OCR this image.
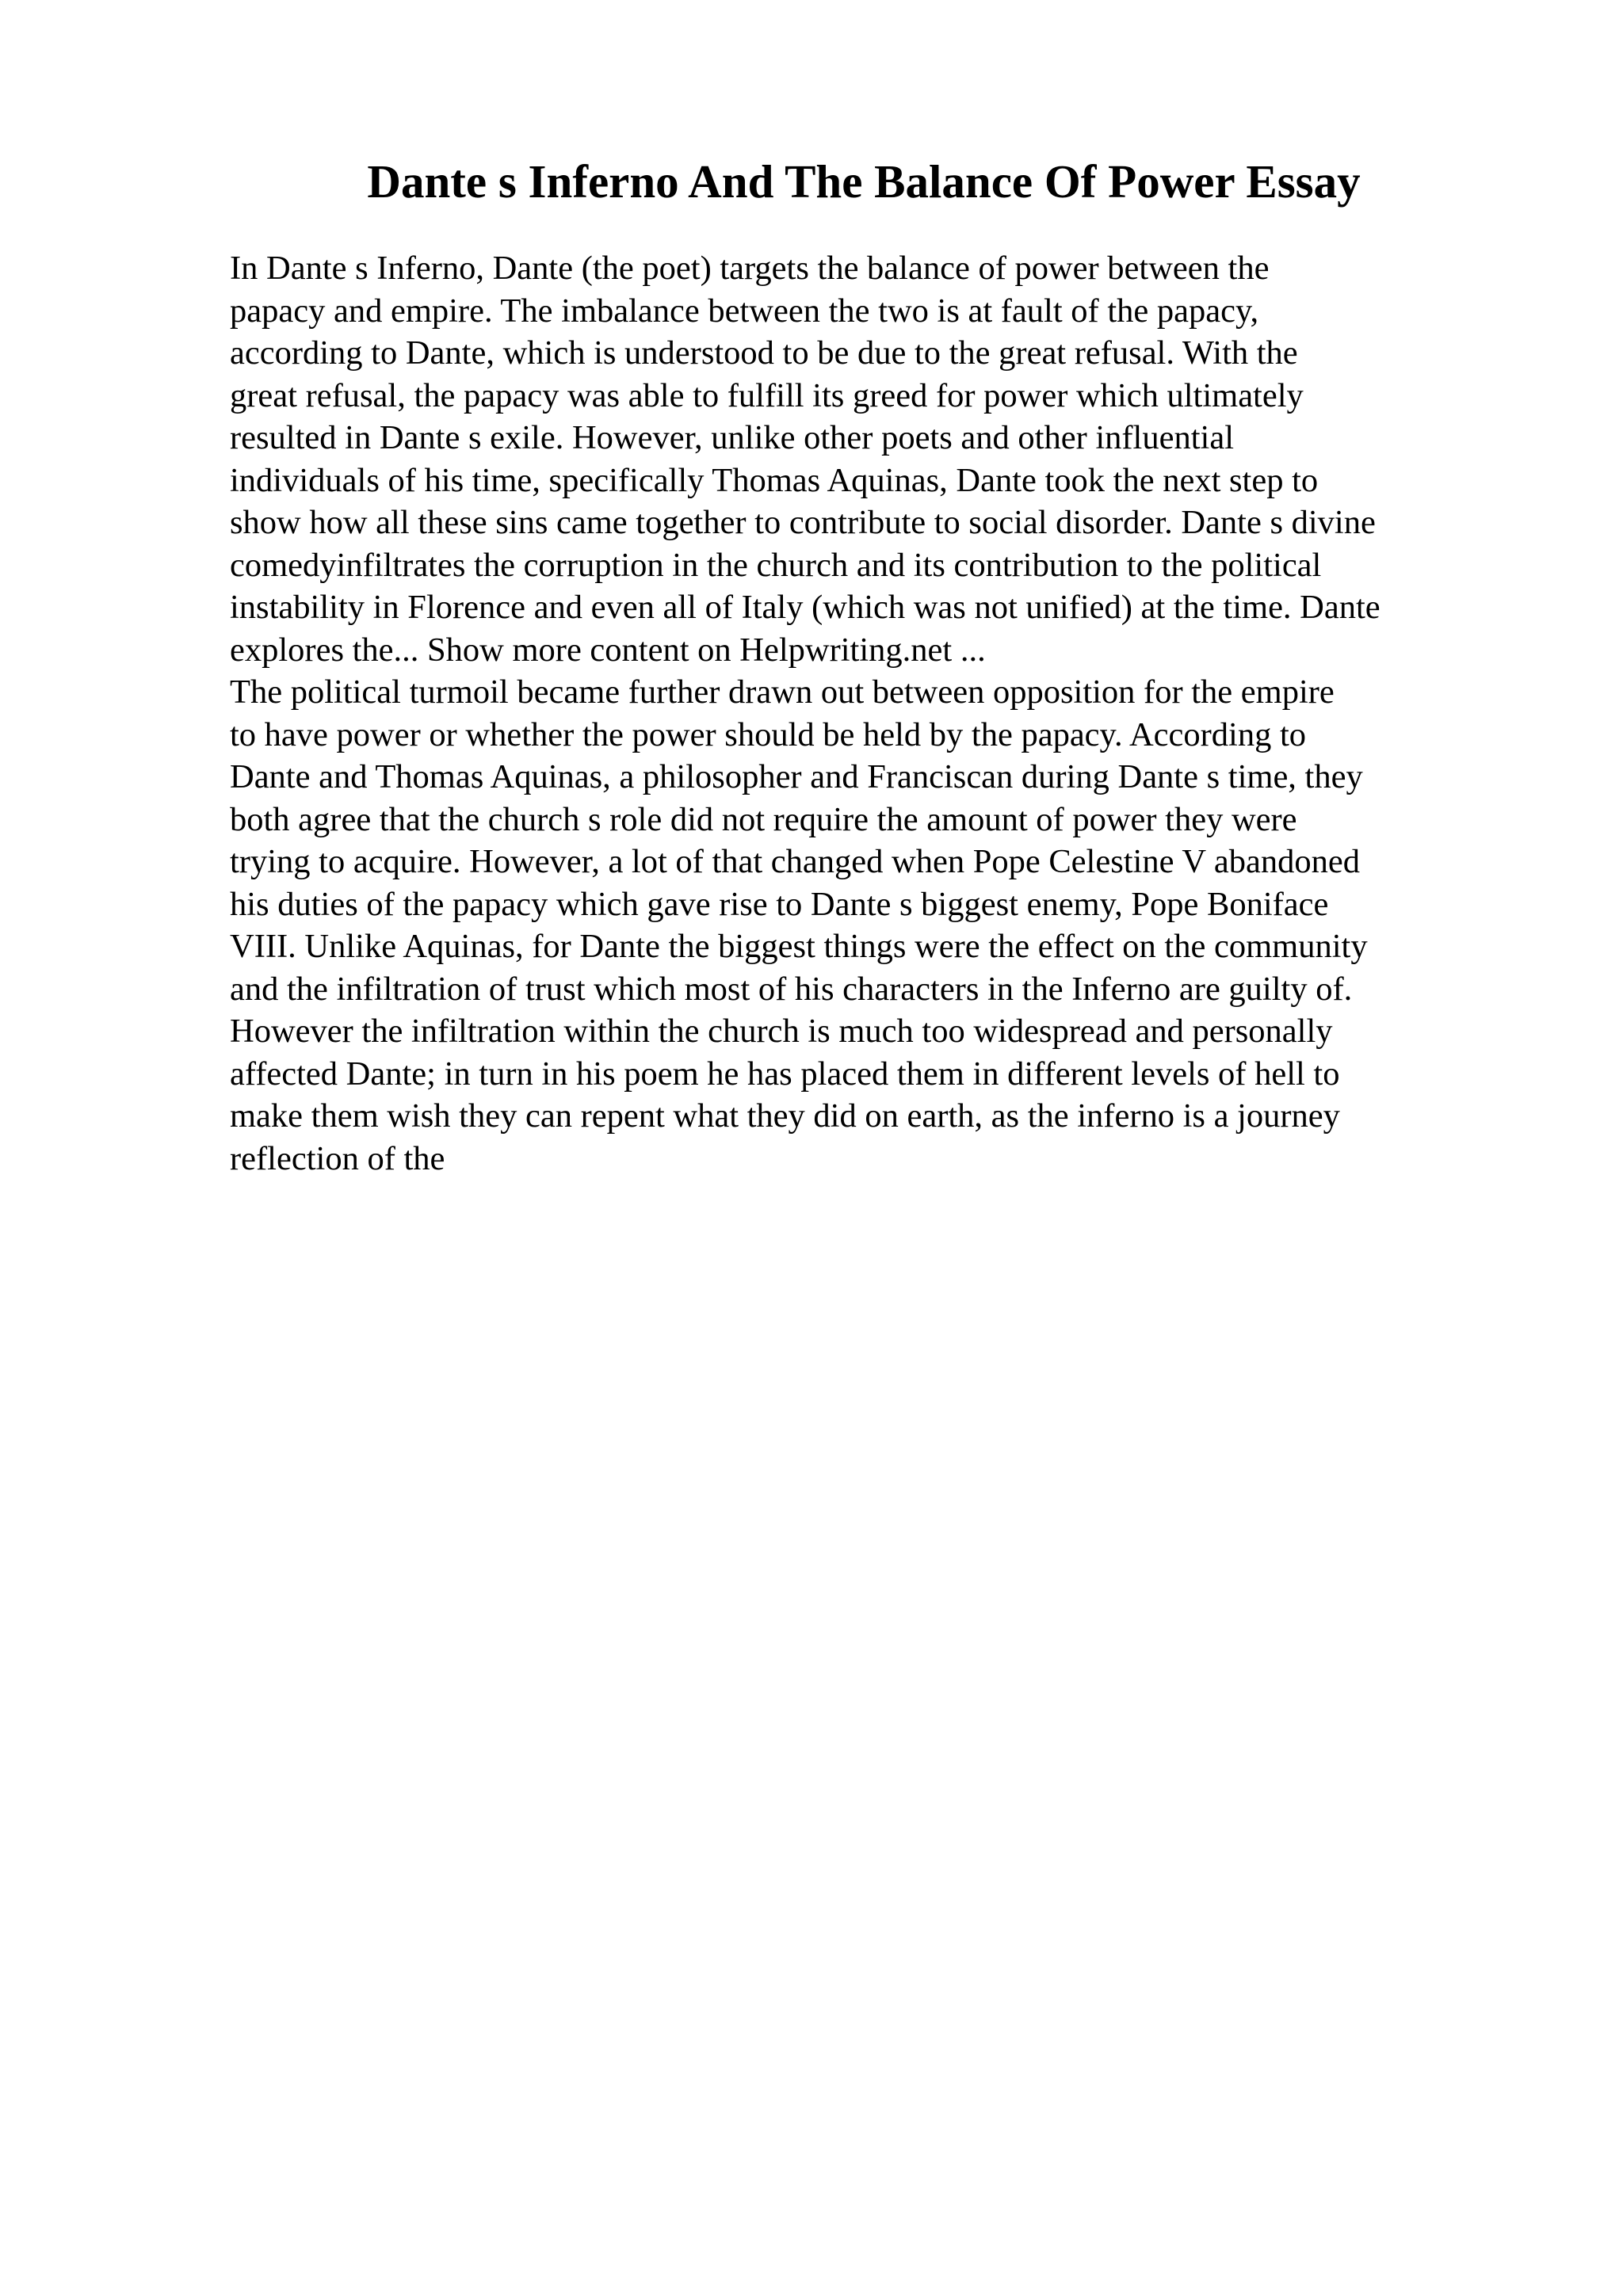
Dante s Inferno And The Balance Of Power Essay
In Dante s Inferno, Dante (the poet) targets the balance of power between the
papacy and empire. The imbalance between the two is at fault of the papacy,
according to Dante, which is understood to be due to the great refusal. With the
great refusal, the papacy was able to fulfill its greed for power which ultimately
resulted in Dante s exile. However, unlike other poets and other influential
individuals of his time, specifically Thomas Aquinas, Dante took the next step to
show how all these sins came together to contribute to social disorder. Dante s divine
comedyinfiltrates the corruption in the church and its contribution to the political
instability in Florence and even all of Italy (which was not unified) at the time. Dante
explores the... Show more content on Helpwriting.net ...
The political turmoil became further drawn out between opposition for the empire
to have power or whether the power should be held by the papacy. According to
Dante and Thomas Aquinas, a philosopher and Franciscan during Dante s time, they
both agree that the church s role did not require the amount of power they were
trying to acquire. However, a lot of that changed when Pope Celestine V abandoned
his duties of the papacy which gave rise to Dante s biggest enemy, Pope Boniface
VIII. Unlike Aquinas, for Dante the biggest things were the effect on the community
and the infiltration of trust which most of his characters in the Inferno are guilty of.
However the infiltration within the church is much too widespread and personally
affected Dante; in turn in his poem he has placed them in different levels of hell to
make them wish they can repent what they did on earth, as the inferno is a journey
reflection of the
